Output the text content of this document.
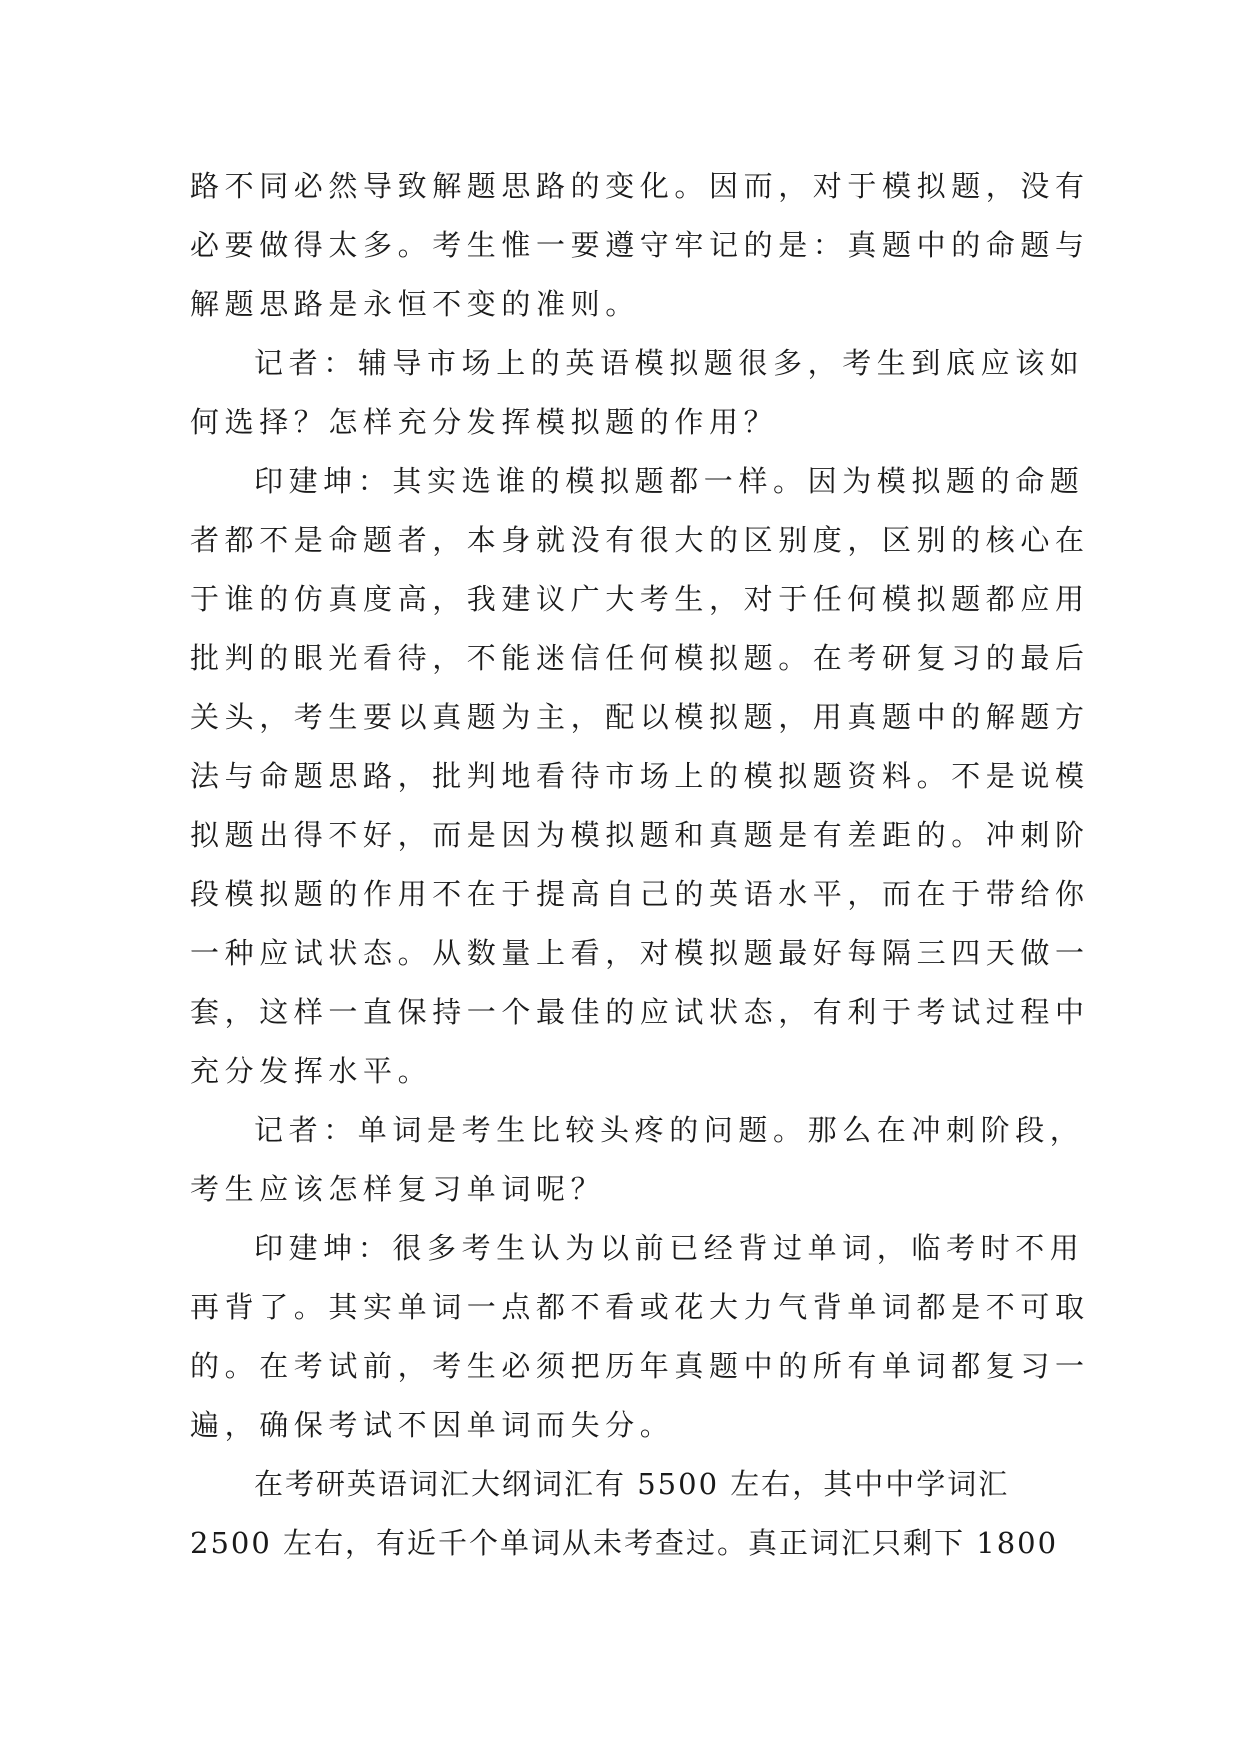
路不同必然导致解题思路的变化。因而，对于模拟题，没有
必要做得太多。考生惟一要遵守牢记的是：真题中的命题与
解题思路是永恒不变的准则。
记者：辅导市场上的英语模拟题很多，考生到底应该如
何选择？怎样充分发挥模拟题的作用？
印建坤：其实选谁的模拟题都一样。因为模拟题的命题
者都不是命题者，本身就没有很大的区别度，区别的核心在
于谁的仿真度高，我建议广大考生，对于任何模拟题都应用
批判的眼光看待，不能迷信任何模拟题。在考研复习的最后
关头，考生要以真题为主，配以模拟题，用真题中的解题方
法与命题思路，批判地看待市场上的模拟题资料。不是说模
拟题出得不好，而是因为模拟题和真题是有差距的。冲刺阶
段模拟题的作用不在于提高自己的英语水平，而在于带给你
一种应试状态。从数量上看，对模拟题最好每隔三四天做一
套，这样一直保持一个最佳的应试状态，有利于考试过程中
充分发挥水平。
记者：单词是考生比较头疼的问题。那么在冲刺阶段，
考生应该怎样复习单词呢？
印建坤：很多考生认为以前已经背过单词，临考时不用
再背了。其实单词一点都不看或花大力气背单词都是不可取
的。在考试前，考生必须把历年真题中的所有单词都复习一
遍，确保考试不因单词而失分。
在考研英语词汇大纲词汇有 5500 左右，其中中学词汇
2500 左右，有近千个单词从未考查过。真正词汇只剩下 1800
